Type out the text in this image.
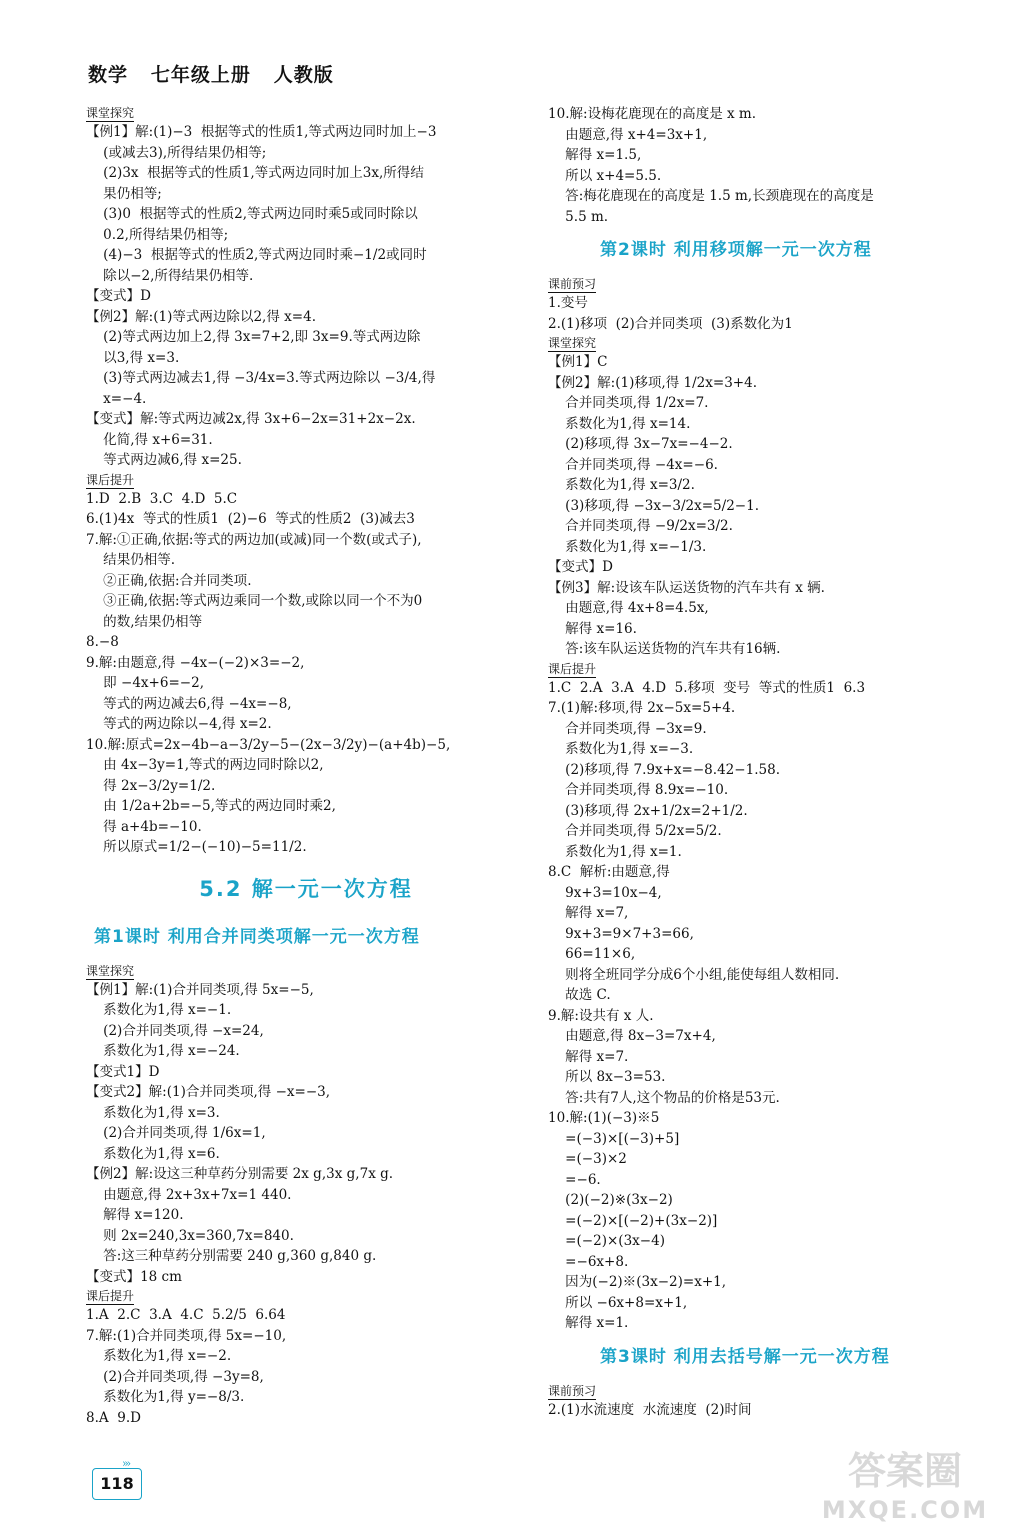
数学   七年级上册   人教版
课堂探究
【例1】解:(1)−3  根据等式的性质1,等式两边同时加上−3
(或减去3),所得结果仍相等;
(2)3x  根据等式的性质1,等式两边同时加上3x,所得结
果仍相等;
(3)0  根据等式的性质2,等式两边同时乘5或同时除以
0.2,所得结果仍相等;
(4)−3  根据等式的性质2,等式两边同时乘−1/2或同时
除以−2,所得结果仍相等.
【变式】D
【例2】解:(1)等式两边除以2,得 x=4.
(2)等式两边加上2,得 3x=7+2,即 3x=9.等式两边除
以3,得 x=3.
(3)等式两边减去1,得 −3/4x=3.等式两边除以 −3/4,得
x=−4.
【变式】解:等式两边减2x,得 3x+6−2x=31+2x−2x.
化简,得 x+6=31.
等式两边减6,得 x=25.
课后提升
1.D  2.B  3.C  4.D  5.C
6.(1)4x  等式的性质1  (2)−6  等式的性质2  (3)减去3
7.解:①正确,依据:等式的两边加(或减)同一个数(或式子),
结果仍相等.
②正确,依据:合并同类项.
③正确,依据:等式两边乘同一个数,或除以同一个不为0
的数,结果仍相等
8.−8
9.解:由题意,得 −4x−(−2)×3=−2,
即 −4x+6=−2,
等式的两边减去6,得 −4x=−8,
等式的两边除以−4,得 x=2.
10.解:原式=2x−4b−a−3/2y−5−(2x−3/2y)−(a+4b)−5,
由 4x−3y=1,等式的两边同时除以2,
得 2x−3/2y=1/2.
由 1/2a+2b=−5,等式的两边同时乘2,
得 a+4b=−10.
所以原式=1/2−(−10)−5=11/2.
5.2 解一元一次方程
第1课时 利用合并同类项解一元一次方程
课堂探究
【例1】解:(1)合并同类项,得 5x=−5,
系数化为1,得 x=−1.
(2)合并同类项,得 −x=24,
系数化为1,得 x=−24.
【变式1】D
【变式2】解:(1)合并同类项,得 −x=−3,
系数化为1,得 x=3.
(2)合并同类项,得 1/6x=1,
系数化为1,得 x=6.
【例2】解:设这三种草药分别需要 2x g,3x g,7x g.
由题意,得 2x+3x+7x=1 440.
解得 x=120.
则 2x=240,3x=360,7x=840.
答:这三种草药分别需要 240 g,360 g,840 g.
【变式】18 cm
课后提升
1.A  2.C  3.A  4.C  5.2/5  6.64
7.解:(1)合并同类项,得 5x=−10,
系数化为1,得 x=−2.
(2)合并同类项,得 −3y=8,
系数化为1,得 y=−8/3.
8.A  9.D
10.解:设梅花鹿现在的高度是 x m.
由题意,得 x+4=3x+1,
解得 x=1.5,
所以 x+4=5.5.
答:梅花鹿现在的高度是 1.5 m,长颈鹿现在的高度是
5.5 m.
第2课时 利用移项解一元一次方程
课前预习
1.变号
2.(1)移项  (2)合并同类项  (3)系数化为1
课堂探究
【例1】C
【例2】解:(1)移项,得 1/2x=3+4.
合并同类项,得 1/2x=7.
系数化为1,得 x=14.
(2)移项,得 3x−7x=−4−2.
合并同类项,得 −4x=−6.
系数化为1,得 x=3/2.
(3)移项,得 −3x−3/2x=5/2−1.
合并同类项,得 −9/2x=3/2.
系数化为1,得 x=−1/3.
【变式】D
【例3】解:设该车队运送货物的汽车共有 x 辆.
由题意,得 4x+8=4.5x,
解得 x=16.
答:该车队运送货物的汽车共有16辆.
课后提升
1.C  2.A  3.A  4.D  5.移项  变号  等式的性质1  6.3
7.(1)解:移项,得 2x−5x=5+4.
合并同类项,得 −3x=9.
系数化为1,得 x=−3.
(2)移项,得 7.9x+x=−8.42−1.58.
合并同类项,得 8.9x=−10.
(3)移项,得 2x+1/2x=2+1/2.
合并同类项,得 5/2x=5/2.
系数化为1,得 x=1.
8.C  解析:由题意,得
9x+3=10x−4,
解得 x=7,
9x+3=9×7+3=66,
66=11×6,
则将全班同学分成6个小组,能使每组人数相同.
故选 C.
9.解:设共有 x 人.
由题意,得 8x−3=7x+4,
解得 x=7.
所以 8x−3=53.
答:共有7人,这个物品的价格是53元.
10.解:(1)(−3)※5
=(−3)×[(−3)+5]
=(−3)×2
=−6.
(2)(−2)※(3x−2)
=(−2)×[(−2)+(3x−2)]
=(−2)×(3x−4)
=−6x+8.
因为(−2)※(3x−2)=x+1,
所以 −6x+8=x+1,
解得 x=1.
第3课时 利用去括号解一元一次方程
课前预习
2.(1)水流速度  水流速度  (2)时间
›››
118	答案圈
MXQE.COM
